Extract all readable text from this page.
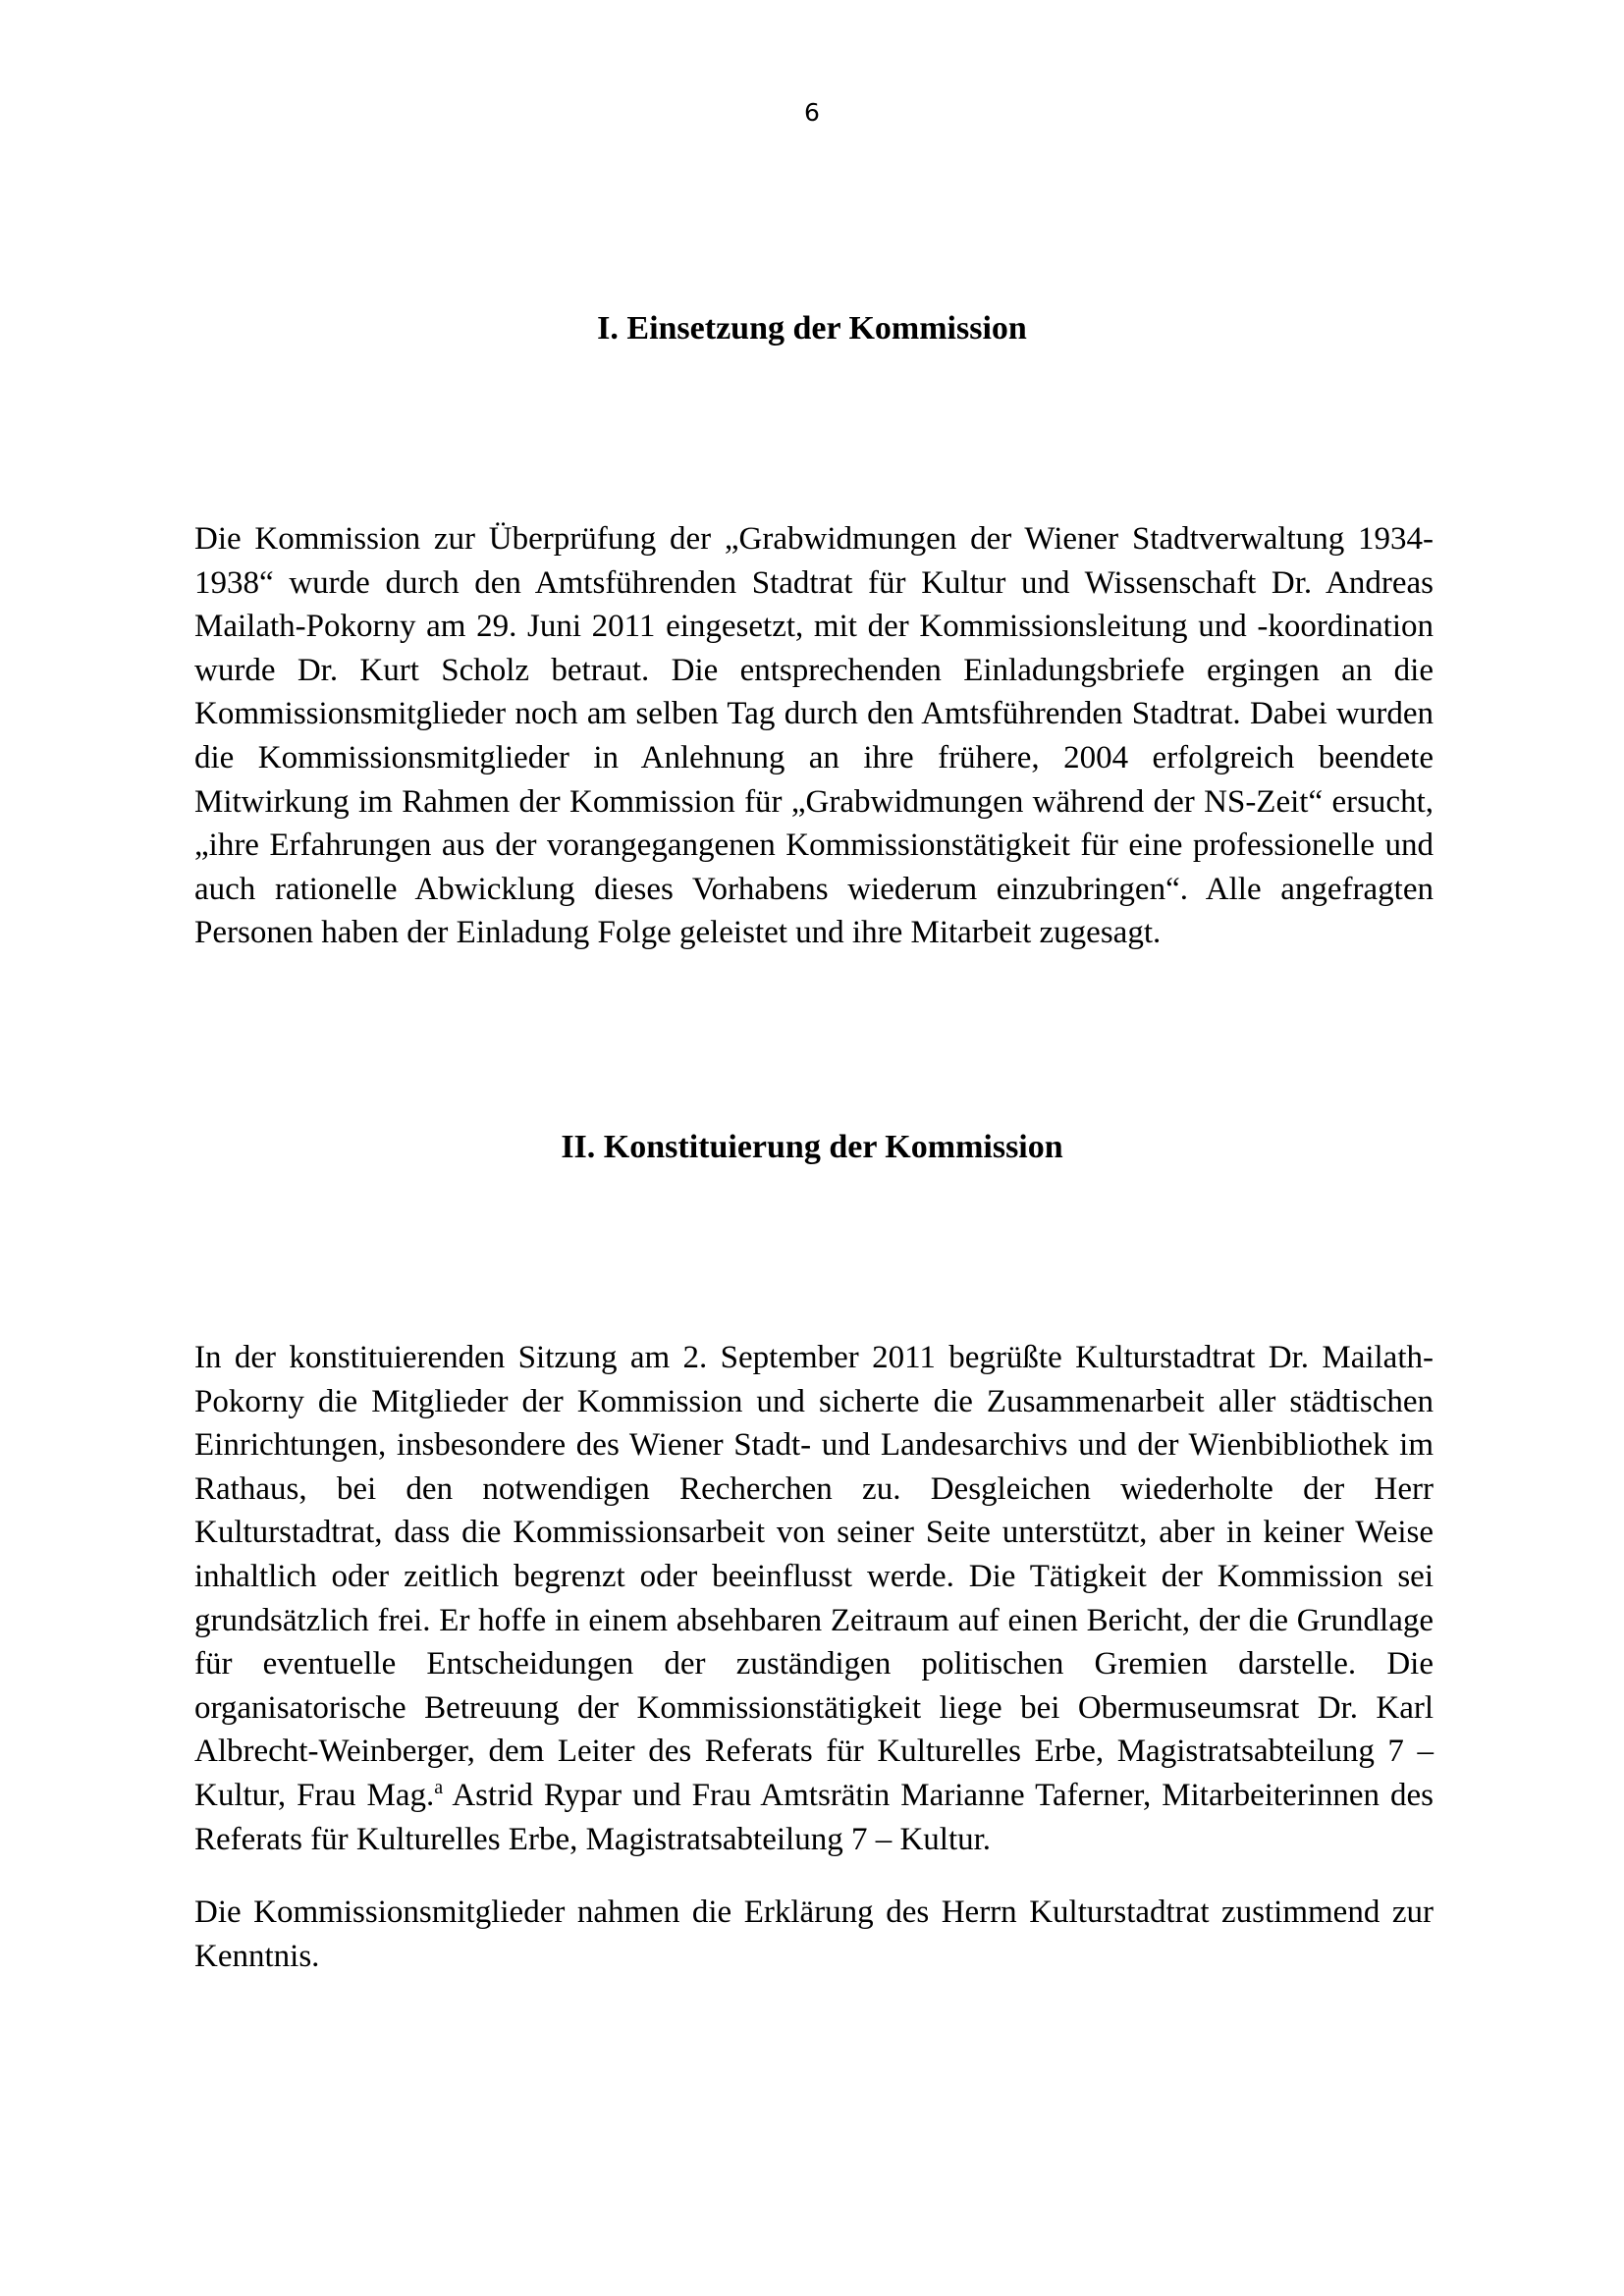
6
I. Einsetzung der Kommission

Die Kommission zur Überprüfung der „Grabwidmungen der Wiener Stadtverwaltung 1934-1938“ wurde durch den Amtsführenden Stadtrat für Kultur und Wissenschaft Dr. Andreas Mailath-Pokorny am 29. Juni 2011 eingesetzt, mit der Kommissionsleitung und -koordination wurde Dr. Kurt Scholz betraut. Die entsprechenden Einladungsbriefe ergingen an die Kommissionsmitglieder noch am selben Tag durch den Amtsführenden Stadtrat. Dabei wurden die Kommissionsmitglieder in Anlehnung an ihre frühere, 2004 erfolgreich beendete Mitwirkung im Rahmen der Kommission für „Grabwidmungen während der NS-Zeit“ ersucht, „ihre Erfahrungen aus der vorangegangenen Kommissionstätigkeit für eine professionelle und auch rationelle Abwicklung dieses Vorhabens wiederum einzubringen“. Alle angefragten Personen haben der Einladung Folge geleistet und ihre Mitarbeit zugesagt.

II. Konstituierung der Kommission

In der konstituierenden Sitzung am 2. September 2011 begrüßte Kulturstadtrat Dr. Mailath-Pokorny die Mitglieder der Kommission und sicherte die Zusammenarbeit aller städtischen Einrichtungen, insbesondere des Wiener Stadt- und Landesarchivs und der Wienbibliothek im Rathaus, bei den notwendigen Recherchen zu. Desgleichen wiederholte der Herr Kulturstadtrat, dass die Kommissionsarbeit von seiner Seite unterstützt, aber in keiner Weise inhaltlich oder zeitlich begrenzt oder beeinflusst werde. Die Tätigkeit der Kommission sei grundsätzlich frei. Er hoffe in einem absehbaren Zeitraum auf einen Bericht, der die Grundlage für eventuelle Entscheidungen der zuständigen politischen Gremien darstelle. Die organisatorische Betreuung der Kommissionstätigkeit liege bei Obermuseumsrat Dr. Karl Albrecht-Weinberger, dem Leiter des Referats für Kulturelles Erbe, Magistratsabteilung 7 – Kultur, Frau Mag.$^a$ Astrid Rypar und Frau Amtsrätin Marianne Taferner, Mitarbeiterinnen des Referats für Kulturelles Erbe, Magistratsabteilung 7 – Kultur.

Die Kommissionsmitglieder nahmen die Erklärung des Herrn Kulturstadtrat zustimmend zur Kenntnis.
